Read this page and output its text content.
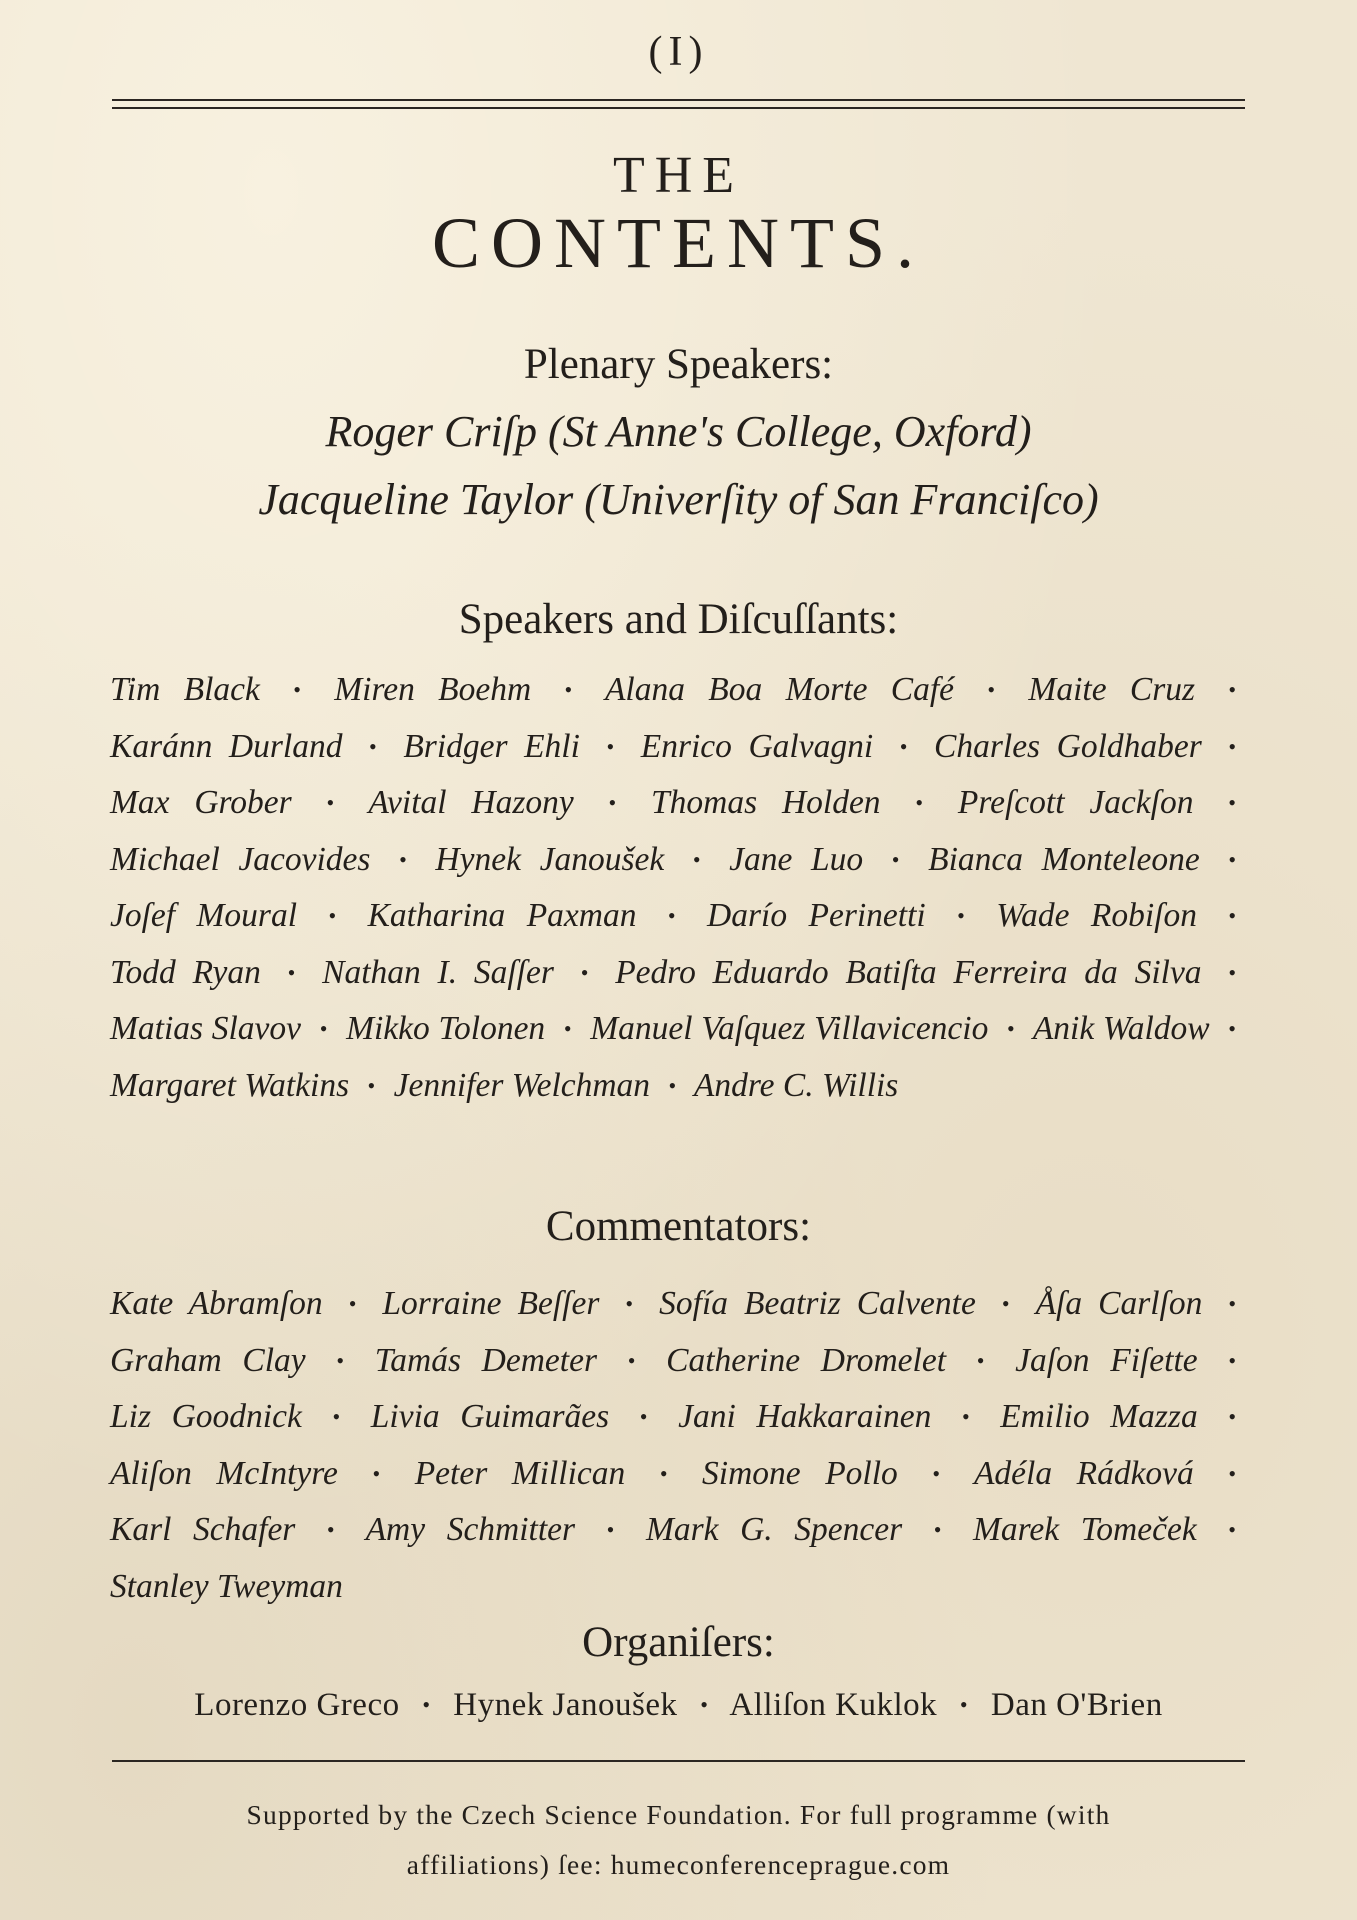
(I)
THE
CONTENTS.
Plenary Speakers:
Roger Criſp (St Anne's College, Oxford)
Jacqueline Taylor (Univerſity of San Franciſco)
Speakers and Diſcuſſants:
Tim Black • Miren Boehm • Alana Boa Morte Café • Maite Cruz • Karánn Durland • Bridger Ehli • Enrico Galvagni • Charles Goldhaber • Max Grober • Avital Hazony • Thomas Holden • Preſcott Jackſon • Michael Jacovides • Hynek Janoušek • Jane Luo • Bianca Monteleone • Joſef Moural • Katharina Paxman • Darío Perinetti • Wade Robiſon • Todd Ryan • Nathan I. Saſſer • Pedro Eduardo Batiſta Ferreira da Silva • Matias Slavov • Mikko Tolonen • Manuel Vaſquez Villavicencio • Anik Waldow • Margaret Watkins • Jennifer Welchman • Andre C. Willis
Commentators:
Kate Abramſon • Lorraine Beſſer • Sofía Beatriz Calvente • Åſa Carlſon • Graham Clay • Tamás Demeter • Catherine Dromelet • Jaſon Fiſette • Liz Goodnick • Livia Guimarães • Jani Hakkarainen • Emilio Mazza • Aliſon McIntyre • Peter Millican • Simone Pollo • Adéla Rádková • Karl Schafer • Amy Schmitter • Mark G. Spencer • Marek Tomeček • Stanley Tweyman
Organiſers:
Lorenzo Greco • Hynek Janoušek • Alliſon Kuklok • Dan O'Brien
Supported by the Czech Science Foundation. For full programme (with
affiliations) ſee: humeconferenceprague.com
